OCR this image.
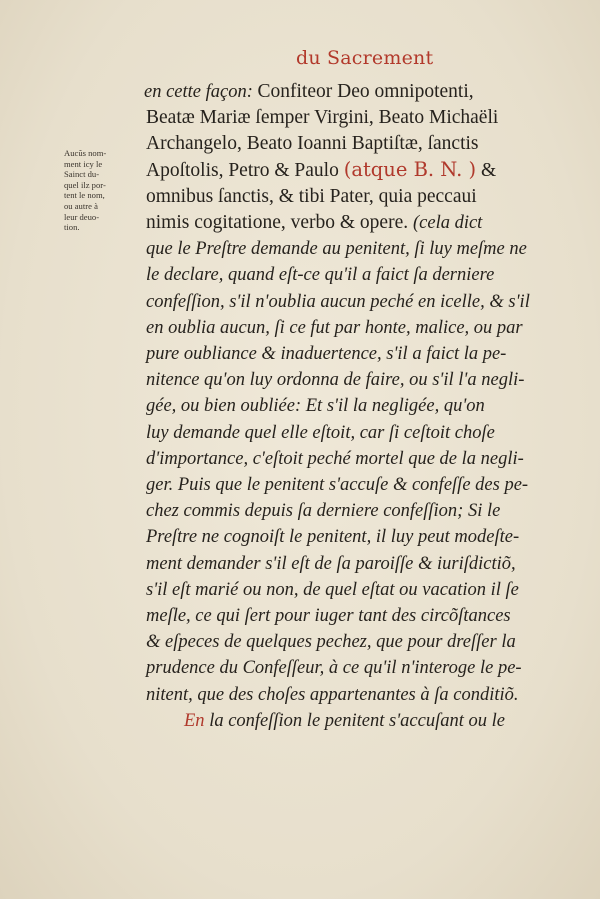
du Sacrement
Aucũs nom-
ment icy le
Sainct du-
quel ilz por-
tent le nom,
ou autre à
leur deuo-
tion.
en cette façon: Confiteor Deo omnipotenti,
Beatæ Mariæ ſemper Virgini, Beato Michaëli
Archangelo, Beato Ioanni Baptiſtæ, ſanctis
Apoſtolis, Petro & Paulo (atque B. N. ) &
omnibus ſanctis, & tibi Pater, quia peccaui
nimis cogitatione, verbo & opere. (cela dict
que le Preſtre demande au penitent, ſi luy meſme ne
le declare, quand eſt-ce qu'il a faict ſa derniere
confeſſion, s'il n'oublia aucun peché en icelle, & s'il
en oublia aucun, ſi ce fut par honte, malice, ou par
pure oubliance & inaduertence, s'il a faict la pe-
nitence qu'on luy ordonna de faire, ou s'il l'a negli-
gée, ou bien oubliée: Et s'il la negligée, qu'on
luy demande quel elle eſtoit, car ſi ceſtoit choſe
d'importance, c'eſtoit peché mortel que de la negli-
ger. Puis que le penitent s'accuſe & confeſſe des pe-
chez commis depuis ſa derniere confeſſion; Si le
Preſtre ne cognoiſt le penitent, il luy peut modeſte-
ment demander s'il eſt de ſa paroiſſe & iuriſdictiõ,
s'il eſt marié ou non, de quel eſtat ou vacation il ſe
meſle, ce qui ſert pour iuger tant des circõſtances
& eſpeces de quelques pechez, que pour dreſſer la
prudence du Confeſſeur, à ce qu'il n'interoge le pe-
nitent, que des choſes appartenantes à ſa conditiõ.
En la confeſſion le penitent s'accuſant ou le
